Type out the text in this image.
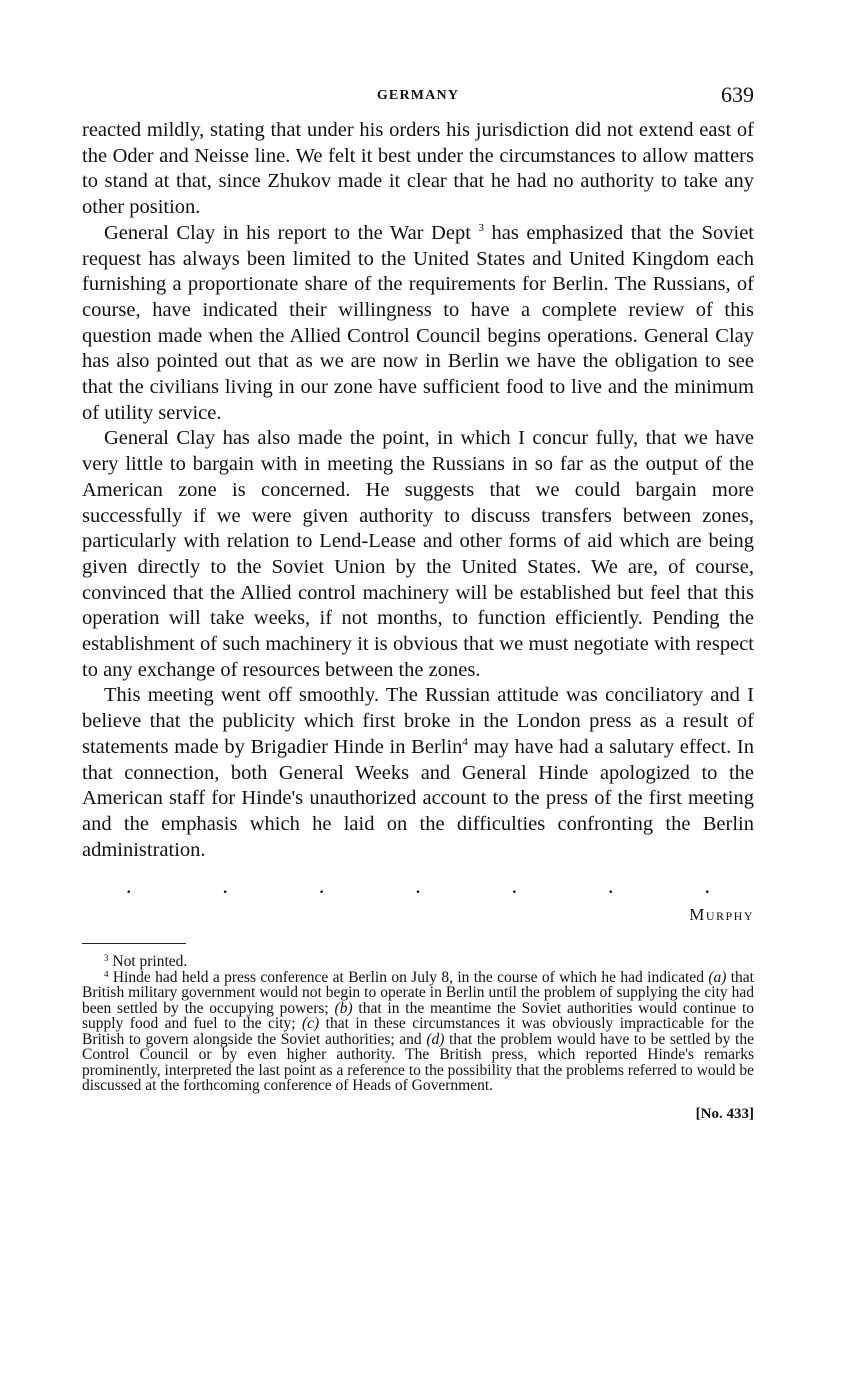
GERMANY	639

reacted mildly, stating that under his orders his jurisdiction did not extend east of the Oder and Neisse line. We felt it best under the circumstances to allow matters to stand at that, since Zhukov made it clear that he had no authority to take any other position.

General Clay in his report to the War Dept $^3$ has emphasized that the Soviet request has always been limited to the United States and United Kingdom each furnishing a proportionate share of the requirements for Berlin. The Russians, of course, have indicated their willingness to have a complete review of this question made when the Allied Control Council begins operations. General Clay has also pointed out that as we are now in Berlin we have the obligation to see that the civilians living in our zone have sufficient food to live and the minimum of utility service.

General Clay has also made the point, in which I concur fully, that we have very little to bargain with in meeting the Russians in so far as the output of the American zone is concerned. He suggests that we could bargain more successfully if we were given authority to discuss transfers between zones, particularly with relation to Lend-Lease and other forms of aid which are being given directly to the Soviet Union by the United States. We are, of course, convinced that the Allied control machinery will be established but feel that this operation will take weeks, if not months, to function efficiently. Pending the establishment of such machinery it is obvious that we must negotiate with respect to any exchange of resources between the zones.

This meeting went off smoothly. The Russian attitude was conciliatory and I believe that the publicity which first broke in the London press as a result of statements made by Brigadier Hinde in Berlin$^4$ may have had a salutary effect. In that connection, both General Weeks and General Hinde apologized to the American staff for Hinde's unauthorized account to the press of the first meeting and the emphasis which he laid on the difficulties confronting the Berlin administration.

.	.	.	.	.	.	.
Murphy

$^3$ Not printed.

$^4$ Hinde had held a press conference at Berlin on July 8, in the course of which he had indicated (a) that British military government would not begin to operate in Berlin until the problem of supplying the city had been settled by the occupying powers; (b) that in the meantime the Soviet authorities would continue to supply food and fuel to the city; (c) that in these circumstances it was obviously impracticable for the British to govern alongside the Soviet authorities; and (d) that the problem would have to be settled by the Control Council or by even higher authority. The British press, which reported Hinde's remarks prominently, interpreted the last point as a reference to the possibility that the problems referred to would be discussed at the forthcoming conference of Heads of Government.

[No. 433]
